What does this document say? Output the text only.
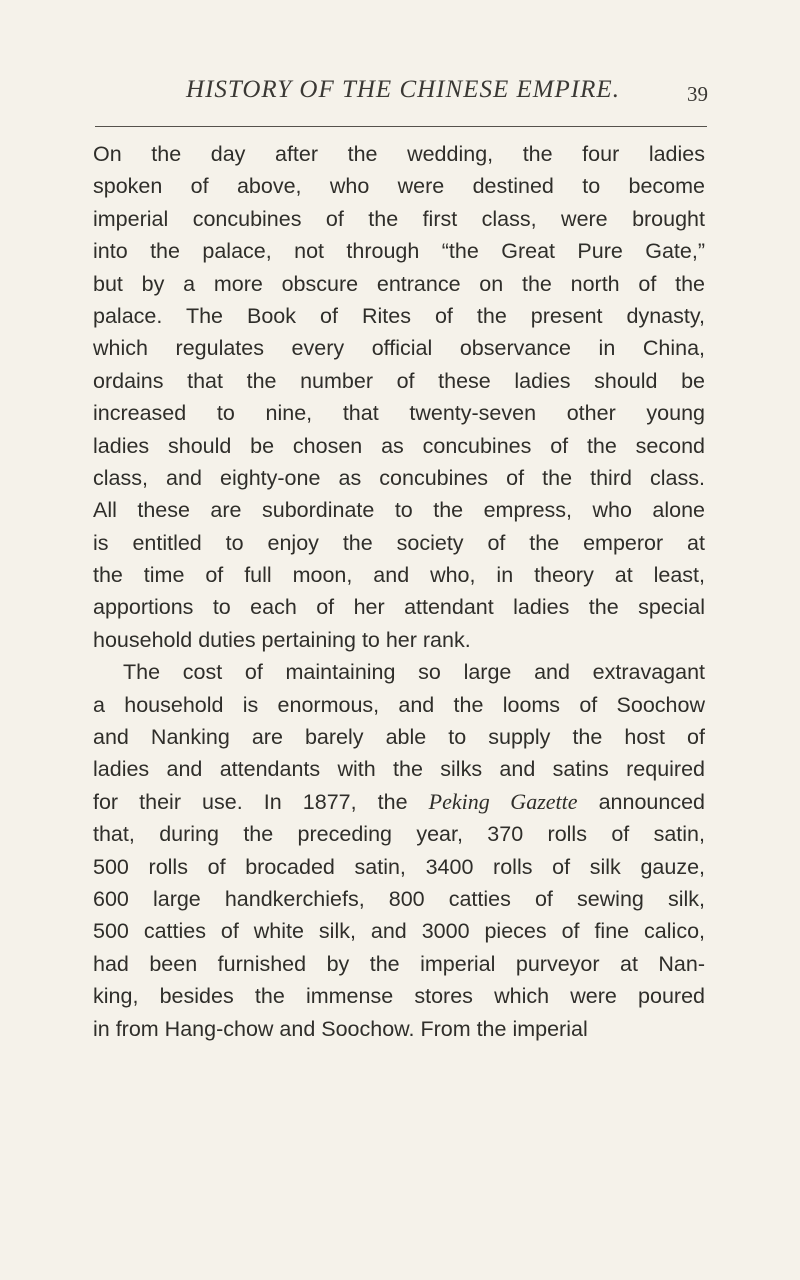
HISTORY OF THE CHINESE EMPIRE.	39
On the day after the wedding, the four ladies
spoken of above, who were destined to become
imperial concubines of the first class, were brought
into the palace, not through “the Great Pure Gate,”
but by a more obscure entrance on the north of the
palace. The Book of Rites of the present dynasty,
which regulates every official observance in China,
ordains that the number of these ladies should be
increased to nine, that twenty-seven other young
ladies should be chosen as concubines of the second
class, and eighty-one as concubines of the third class.
All these are subordinate to the empress, who alone
is entitled to enjoy the society of the emperor at
the time of full moon, and who, in theory at least,
apportions to each of her attendant ladies the special
household duties pertaining to her rank.
The cost of maintaining so large and extravagant
a household is enormous, and the looms of Soochow
and Nanking are barely able to supply the host of
ladies and attendants with the silks and satins required
for their use. In 1877, the Peking Gazette announced
that, during the preceding year, 370 rolls of satin,
500 rolls of brocaded satin, 3400 rolls of silk gauze,
600 large handkerchiefs, 800 catties of sewing silk,
500 catties of white silk, and 3000 pieces of fine calico,
had been furnished by the imperial purveyor at Nan-
king, besides the immense stores which were poured
in from Hang-chow and Soochow. From the imperial
